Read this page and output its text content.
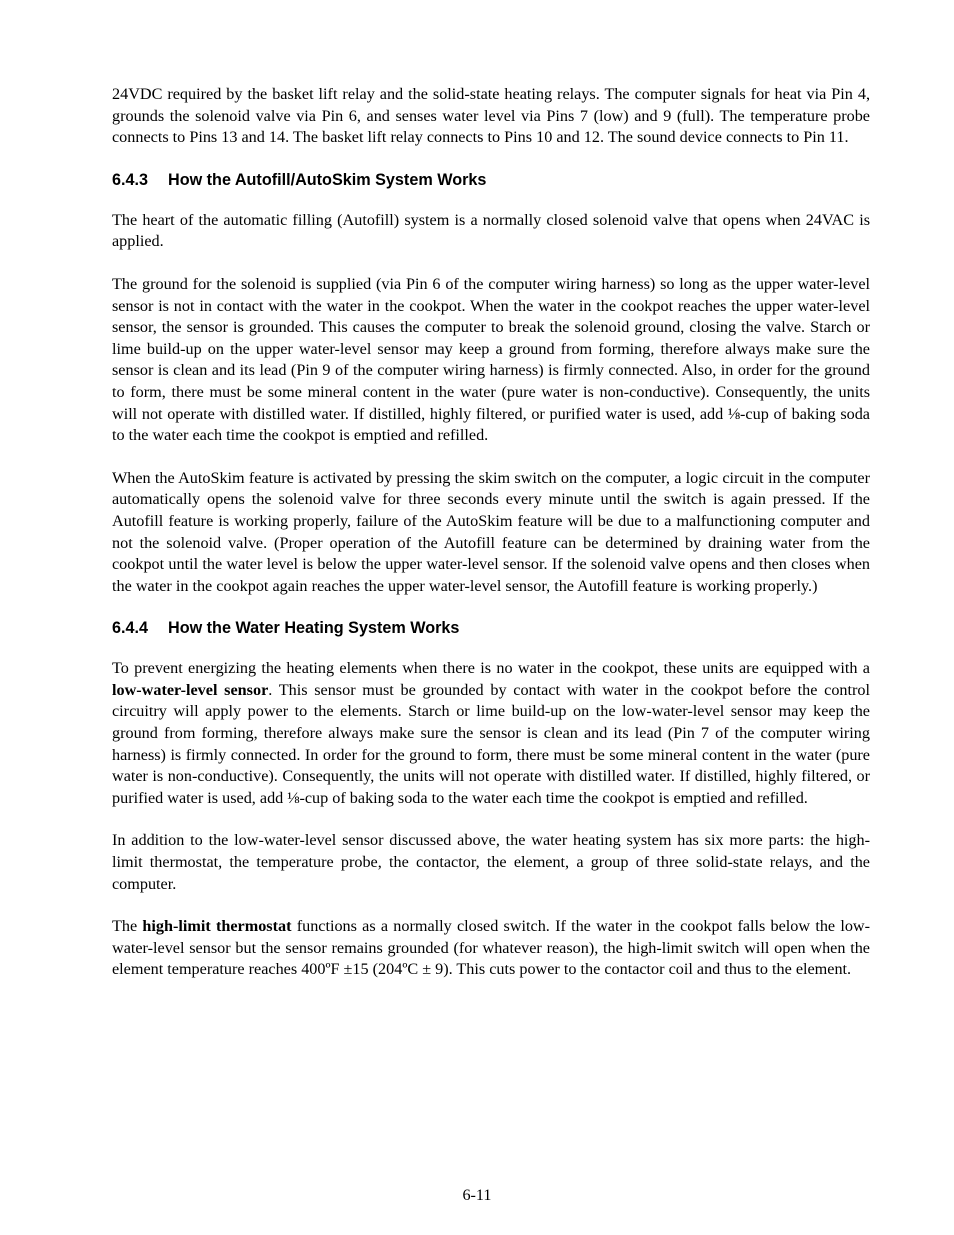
24VDC required by the basket lift relay and the solid-state heating relays. The computer signals for heat via Pin 4, grounds the solenoid valve via Pin 6, and senses water level via Pins 7 (low) and 9 (full). The temperature probe connects to Pins 13 and 14. The basket lift relay connects to Pins 10 and 12. The sound device connects to Pin 11.

6.4.3 How the Autofill/AutoSkim System Works

The heart of the automatic filling (Autofill) system is a normally closed solenoid valve that opens when 24VAC is applied.

The ground for the solenoid is supplied (via Pin 6 of the computer wiring harness) so long as the upper water-level sensor is not in contact with the water in the cookpot. When the water in the cookpot reaches the upper water-level sensor, the sensor is grounded. This causes the computer to break the solenoid ground, closing the valve. Starch or lime build-up on the upper water-level sensor may keep a ground from forming, therefore always make sure the sensor is clean and its lead (Pin 9 of the computer wiring harness) is firmly connected. Also, in order for the ground to form, there must be some mineral content in the water (pure water is non-conductive). Consequently, the units will not operate with distilled water. If distilled, highly filtered, or purified water is used, add ⅛-cup of baking soda to the water each time the cookpot is emptied and refilled.

When the AutoSkim feature is activated by pressing the skim switch on the computer, a logic circuit in the computer automatically opens the solenoid valve for three seconds every minute until the switch is again pressed. If the Autofill feature is working properly, failure of the AutoSkim feature will be due to a malfunctioning computer and not the solenoid valve. (Proper operation of the Autofill feature can be determined by draining water from the cookpot until the water level is below the upper water-level sensor. If the solenoid valve opens and then closes when the water in the cookpot again reaches the upper water-level sensor, the Autofill feature is working properly.)

6.4.4 How the Water Heating System Works

To prevent energizing the heating elements when there is no water in the cookpot, these units are equipped with a low-water-level sensor. This sensor must be grounded by contact with water in the cookpot before the control circuitry will apply power to the elements. Starch or lime build-up on the low-water-level sensor may keep the ground from forming, therefore always make sure the sensor is clean and its lead (Pin 7 of the computer wiring harness) is firmly connected. In order for the ground to form, there must be some mineral content in the water (pure water is non-conductive). Consequently, the units will not operate with distilled water. If distilled, highly filtered, or purified water is used, add ⅛-cup of baking soda to the water each time the cookpot is emptied and refilled.

In addition to the low-water-level sensor discussed above, the water heating system has six more parts: the high-limit thermostat, the temperature probe, the contactor, the element, a group of three solid-state relays, and the computer.

The high-limit thermostat functions as a normally closed switch. If the water in the cookpot falls below the low-water-level sensor but the sensor remains grounded (for whatever reason), the high-limit switch will open when the element temperature reaches 400ºF ±15 (204ºC ± 9). This cuts power to the contactor coil and thus to the element.

6-11
